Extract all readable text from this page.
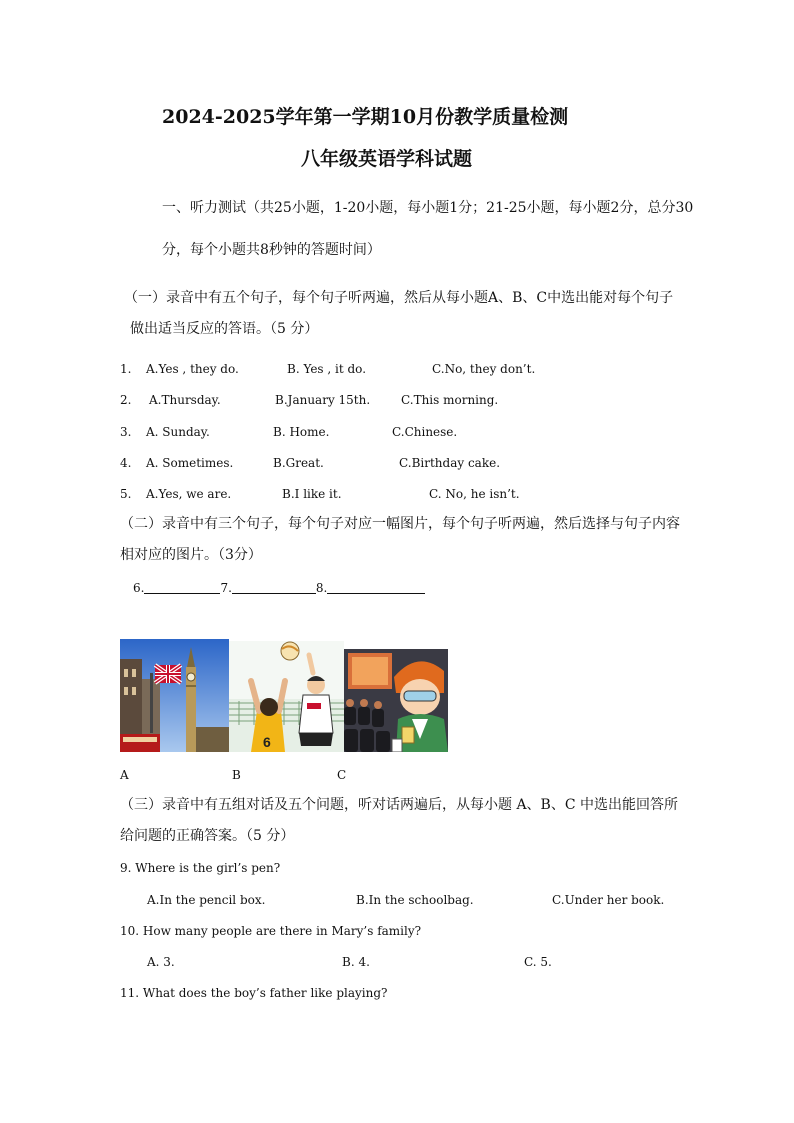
2024-2025学年第一学期10月份教学质量检测
八年级英语学科试题
一、听力测试（共25小题，1-20小题，每小题1分；21-25小题，每小题2分，总分30
分，每个小题共8秒钟的答题时间）
（一）录音中有五个句子，每个句子听两遍，然后从每小题A、B、C中选出能对每个句子
做出适当反应的答语。（5 分）
1. A.Yes , they do.	B. Yes , it do.	C.No, they don’t.
2. A.Thursday.	B.January 15th.	C.This morning.
3. A. Sunday.	B. Home.	C.Chinese.
4. A. Sometimes.	B.Great.	C.Birthday cake.
5. A.Yes, we are.	B.I like it.	C. No, he isn’t.
（二）录音中有三个句子，每个句子对应一幅图片，每个句子听两遍，然后选择与句子内容
相对应的图片。（3分）
6.	7.	8.
6
A	B	C
（三）录音中有五组对话及五个问题，听对话两遍后，从每小题 A、B、C 中选出能回答所
给问题的正确答案。（5 分）
9. Where is the girl’s pen?
A.In the pencil box.	B.In the schoolbag.	C.Under her book.
10. How many people are there in Mary’s family?
A. 3.	B. 4.	C. 5.
11. What does the boy’s father like playing?
